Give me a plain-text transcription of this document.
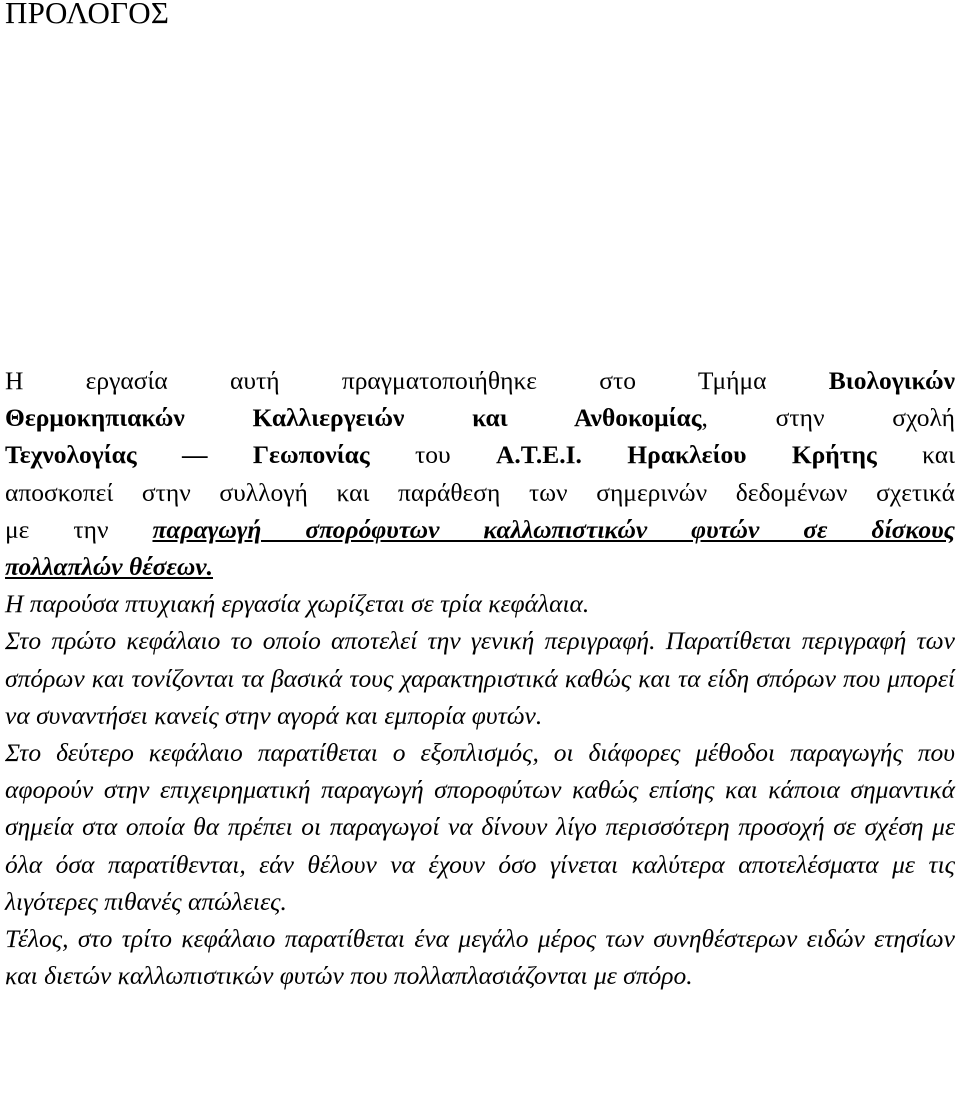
ΠΡΟΛΟΓΟΣ

Η εργασία αυτή πραγματοποιήθηκε στο Τμήμα Βιολογικών

Θερμοκηπιακών Καλλιεργειών και Ανθοκομίας, στην σχολή

Τεχνολογίας — Γεωπονίας του Α.Τ.Ε.Ι. Ηρακλείου Κρήτης και

αποσκοπεί στην συλλογή και παράθεση των σημερινών δεδομένων σχετικά

με την παραγωγή σπορόφυτων καλλωπιστικών φυτών σε δίσκους

πολλαπλών θέσεων.

Η παρούσα πτυχιακή εργασία χωρίζεται σε τρία κεφάλαια.

Στο πρώτο κεφάλαιο το οποίο αποτελεί την γενική περιγραφή. Παρατίθεται περιγραφή των σπόρων και τονίζονται τα βασικά τους χαρακτηριστικά καθώς και τα είδη σπόρων που μπορεί να συναντήσει κανείς στην αγορά και εμπορία φυτών.

Στο δεύτερο κεφάλαιο παρατίθεται ο εξοπλισμός, οι διάφορες μέθοδοι παραγωγής που αφορούν στην επιχειρηματική παραγωγή σποροφύτων καθώς επίσης και κάποια σημαντικά σημεία στα οποία θα πρέπει οι παραγωγοί να δίνουν λίγο περισσότερη προσοχή σε σχέση με όλα όσα παρατίθενται, εάν θέλουν να έχουν όσο γίνεται καλύτερα αποτελέσματα με τις λιγότερες πιθανές απώλειες.

Τέλος, στο τρίτο κεφάλαιο παρατίθεται ένα μεγάλο μέρος των συνηθέστερων ειδών ετησίων και διετών καλλωπιστικών φυτών που πολλαπλασιάζονται με σπόρο.
